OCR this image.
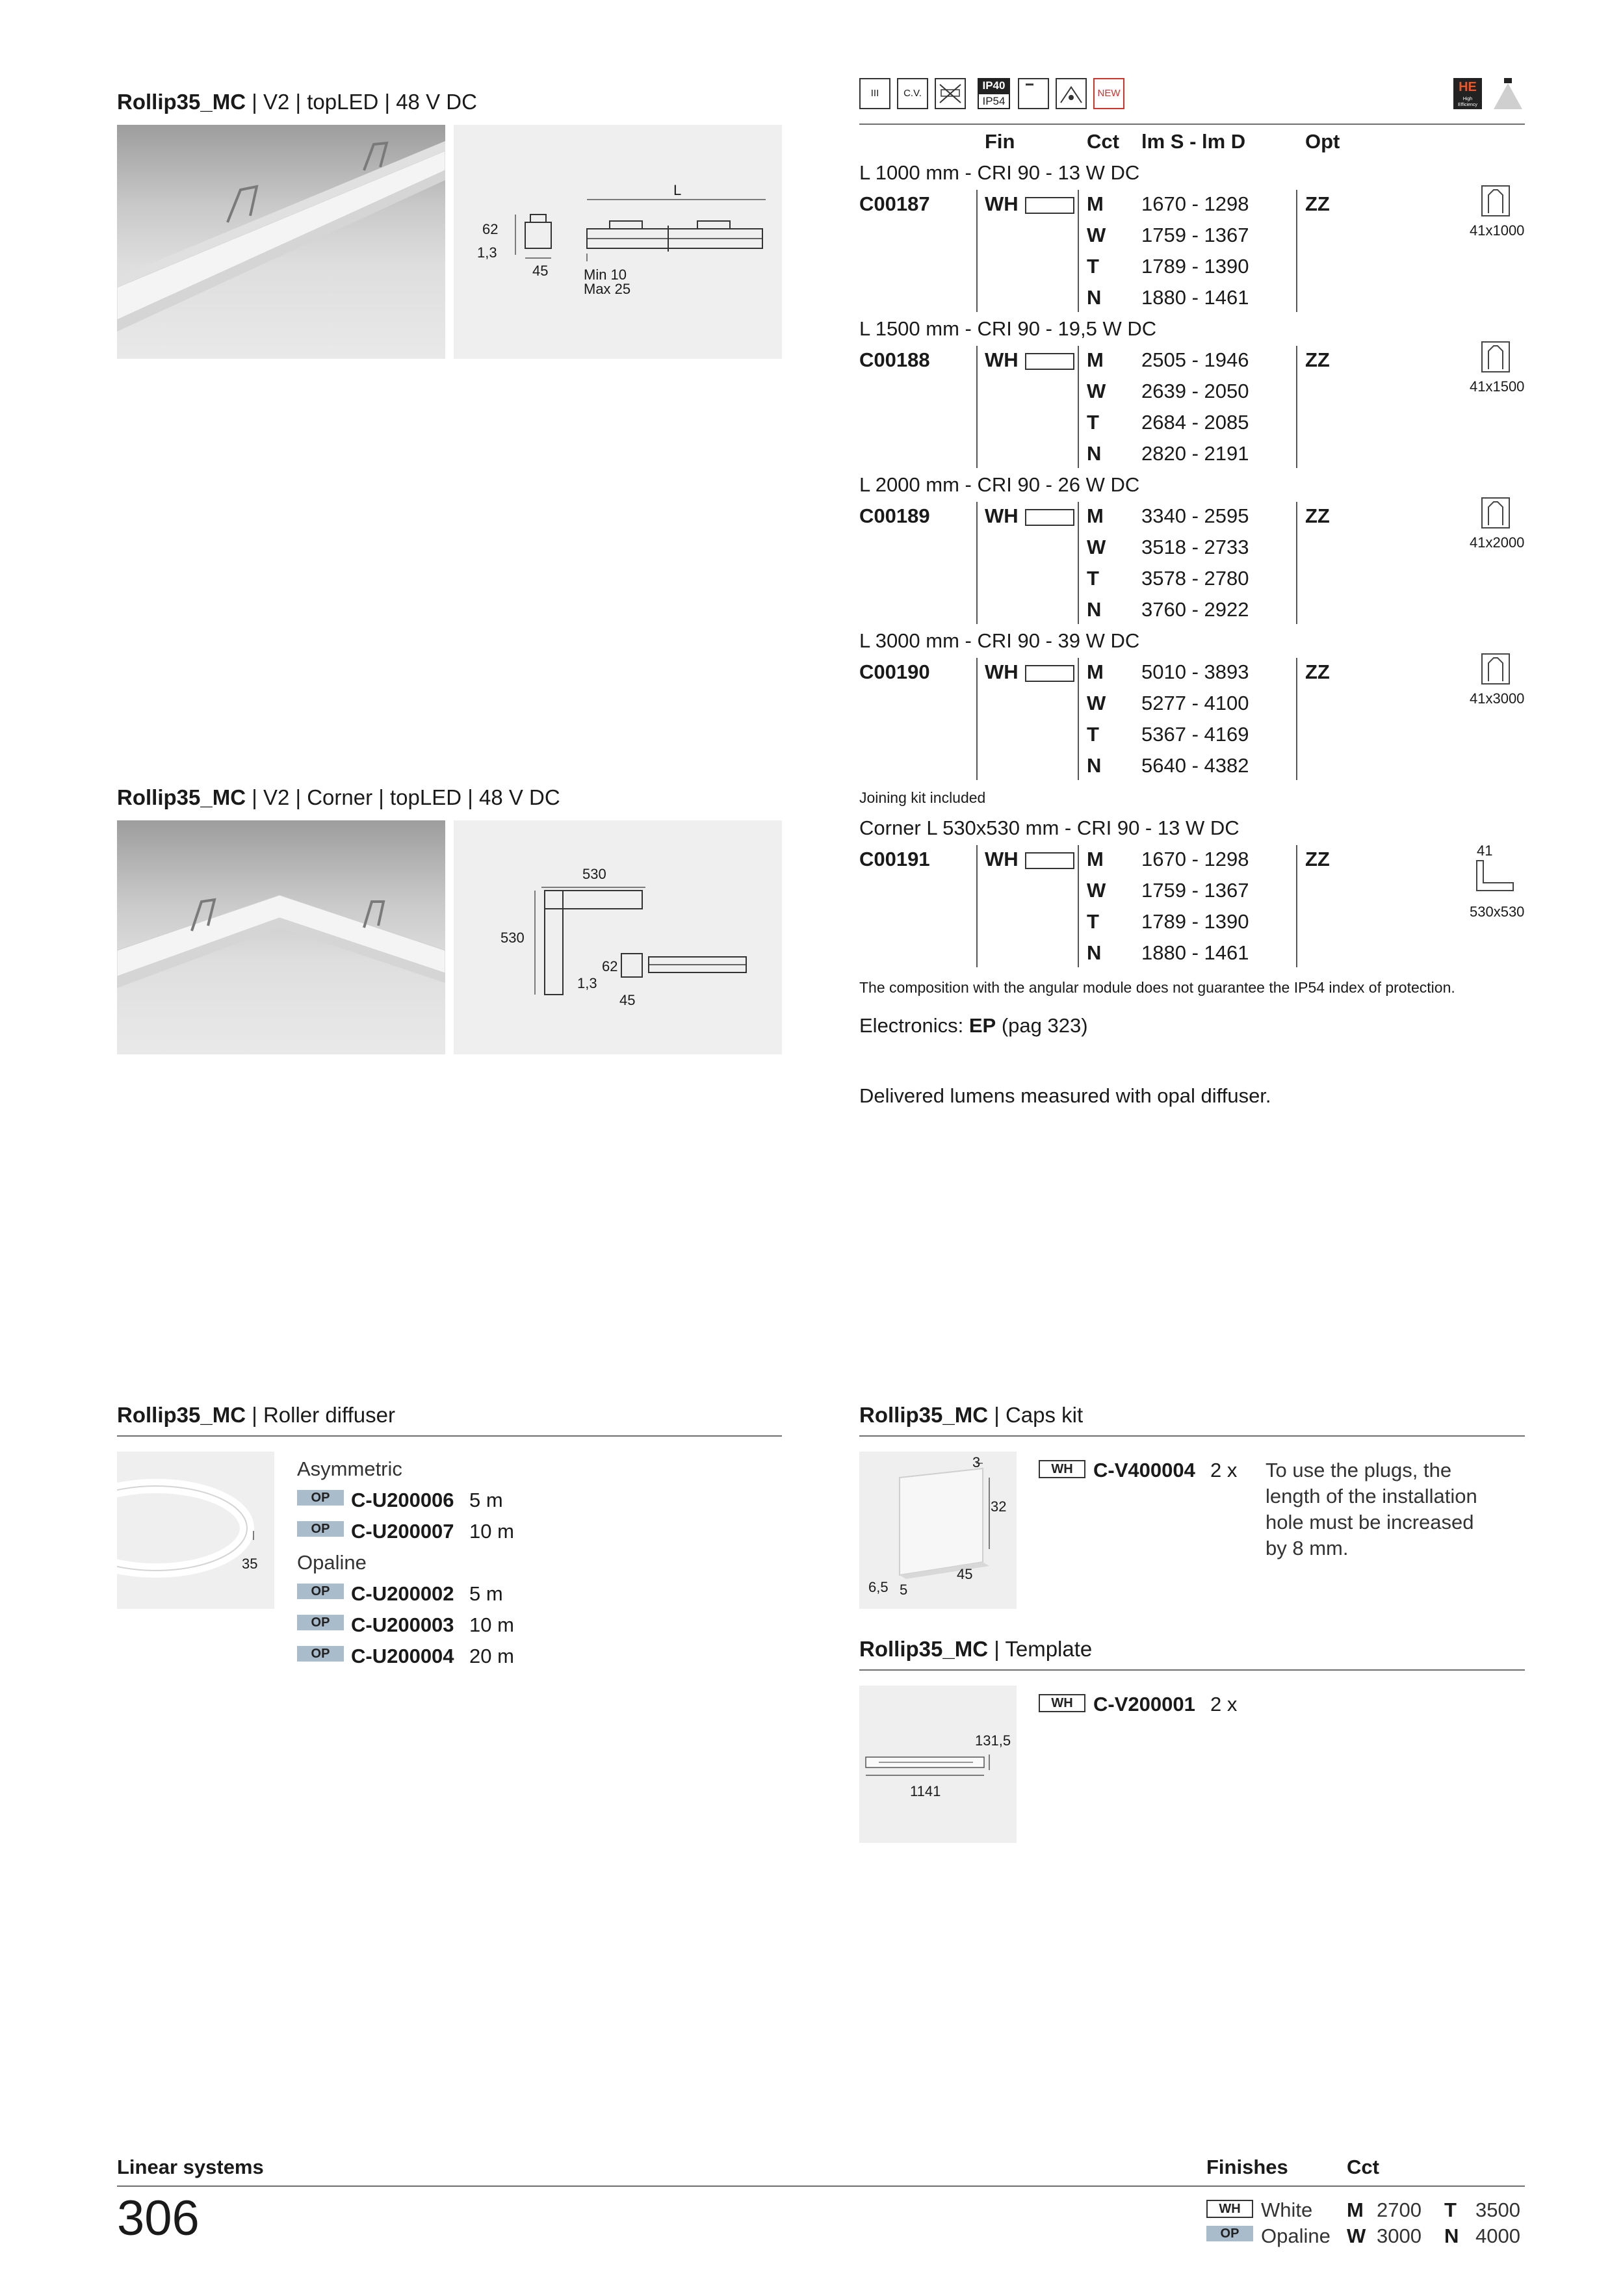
Rollip35_MC | V2 | topLED | 48 V DC
L
62
1,3
45 Min 10
Max 25
Rollip35_MC | V2 | Corner | topLED | 48 V DC
530
530
62
1,3
45
III	C.V.
IP40
IP54
NEW	HE
High Efficiency
Fin	Cct lm S - lm D	Opt
L 1000 mm - CRI 90 - 13 W DC
C00187	WH	M 1670 - 1298	ZZ
W 1759 - 1367
T 1789 - 1390
N 1880 - 1461
41x1000
L 1500 mm - CRI 90 - 19,5 W DC
C00188	WH	M 2505 - 1946	ZZ
W 2639 - 2050
T 2684 - 2085
N 2820 - 2191
41x1500
L 2000 mm - CRI 90 - 26 W DC
C00189	WH	M 3340 - 2595	ZZ
W 3518 - 2733
T 3578 - 2780
N 3760 - 2922
41x2000
L 3000 mm - CRI 90 - 39 W DC
C00190	WH	M 5010 - 3893	ZZ
W 5277 - 4100
T 5367 - 4169
N 5640 - 4382
41x3000
Joining kit included
Corner L 530x530 mm - CRI 90 - 13 W DC
C00191	WH	M 1670 - 1298	ZZ
W 1759 - 1367
T 1789 - 1390
N 1880 - 1461
41
530x530
The composition with the angular module does not guarantee the IP54 index of protection.
Electronics: EP (pag 323)
Delivered lumens measured with opal diffuser.
Rollip35_MC | Roller diffuser
35
Asymmetric
OP	C-U200006 5 m
OP	C-U200007 10 m
Opaline
OP	C-U200002 5 m
OP	C-U200003 10 m
OP	C-U200004 20 m
Rollip35_MC | Caps kit
3
32
45
6,5 5
WH	C-V400004 2 x To use the plugs, the
length of the installation
hole must be increased
by 8 mm.
Rollip35_MC | Template
131,5
1141
WH	C-V200001 2 x
Linear systems	Finishes	Cct
306	WH	White
OP	Opaline
M 2700 T 3500
W 3000 N 4000
